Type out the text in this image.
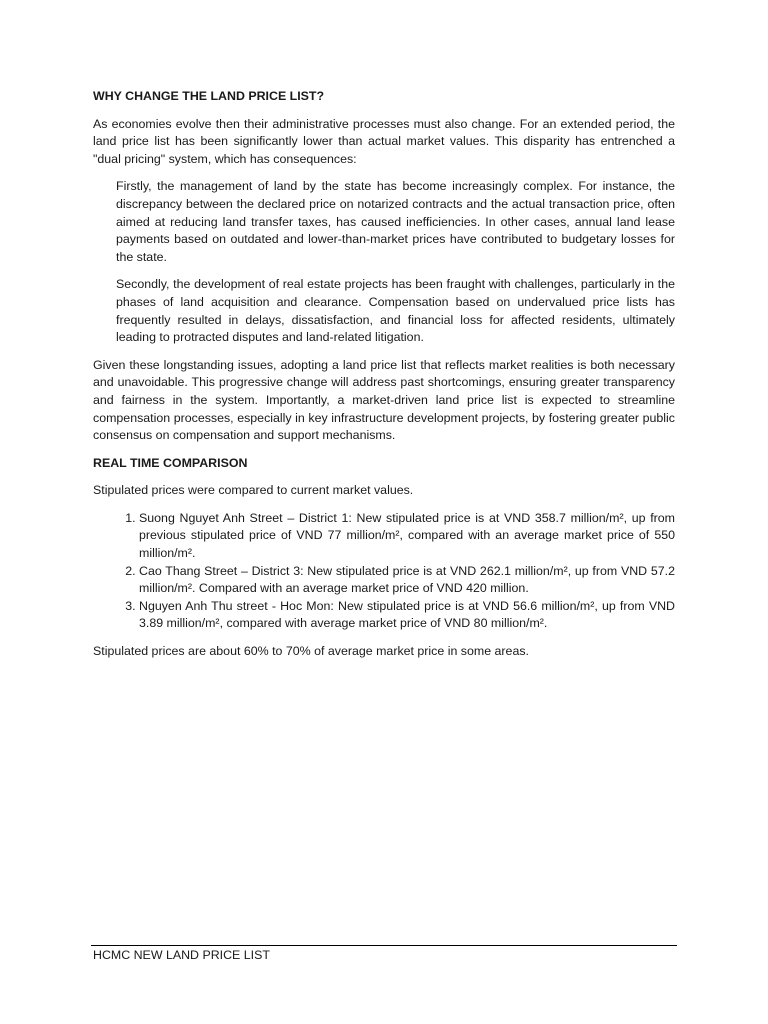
WHY CHANGE THE LAND PRICE LIST?

As economies evolve then their administrative processes must also change. For an extended period, the land price list has been significantly lower than actual market values. This disparity has entrenched a "dual pricing" system, which has consequences:

Firstly, the management of land by the state has become increasingly complex. For instance, the discrepancy between the declared price on notarized contracts and the actual transaction price, often aimed at reducing land transfer taxes, has caused inefficiencies. In other cases, annual land lease payments based on outdated and lower-than-market prices have contributed to budgetary losses for the state.

Secondly, the development of real estate projects has been fraught with challenges, particularly in the phases of land acquisition and clearance. Compensation based on undervalued price lists has frequently resulted in delays, dissatisfaction, and financial loss for affected residents, ultimately leading to protracted disputes and land-related litigation.

Given these longstanding issues, adopting a land price list that reflects market realities is both necessary and unavoidable. This progressive change will address past shortcomings, ensuring greater transparency and fairness in the system. Importantly, a market-driven land price list is expected to streamline compensation processes, especially in key infrastructure development projects, by fostering greater public consensus on compensation and support mechanisms.

REAL TIME COMPARISON

Stipulated prices were compared to current market values.

1. Suong Nguyet Anh Street – District 1: New stipulated price is at VND 358.7 million/m², up from previous stipulated price of VND 77 million/m², compared with an average market price of 550 million/m².
2. Cao Thang Street – District 3: New stipulated price is at VND 262.1 million/m², up from VND 57.2 million/m². Compared with an average market price of VND 420 million.
3. Nguyen Anh Thu street - Hoc Mon: New stipulated price is at VND 56.6 million/m², up from VND 3.89 million/m², compared with average market price of VND 80 million/m².

Stipulated prices are about 60% to 70% of average market price in some areas.

HCMC NEW LAND PRICE LIST
